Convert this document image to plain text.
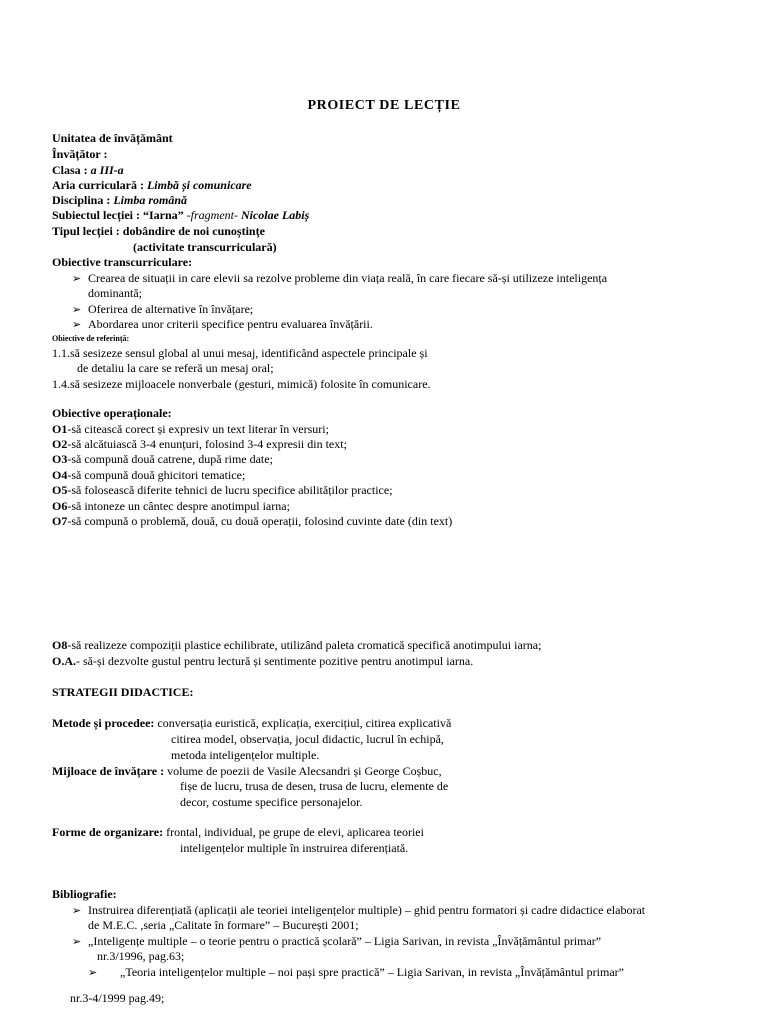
PROIECT DE LECȚIE
Unitatea de învățământ
Învățător :
Clasa : a III-a
Aria curriculară : Limbă și comunicare
Disciplina : Limba română
Subiectul lecției : “Iarna” -fragment- Nicolae Labiș
Tipul lecției : dobândire de noi cunoștințe
(activitate transcurriculară)
Obiective transcurriculare:
➢ Crearea de situații in care elevii sa rezolve probleme din viața reală, în care fiecare să-și utilizeze inteligența
dominantă;
➢ Oferirea de alternative în învățare;
➢ Abordarea unor criterii specifice pentru evaluarea învățării.
Obiective de referință:
1.1.să sesizeze sensul global al unui mesaj, identificând aspectele principale și
de detaliu la care se referă un mesaj oral;
1.4.să sesizeze mijloacele nonverbale (gesturi, mimică) folosite în comunicare.
Obiective operaționale:
O1-să citească corect și expresiv un text literar în versuri;
O2-să alcătuiască 3-4 enunțuri, folosind 3-4 expresii din text;
O3-să compună două catrene, după rime date;
O4-să compună două ghicitori tematice;
O5-să folosească diferite tehnici de lucru specifice abilităților practice;
O6-să intoneze un cântec despre anotimpul iarna;
O7-să compună o problemă, două, cu două operații, folosind cuvinte date (din text)
O8-să realizeze compoziții plastice echilibrate, utilizând paleta cromatică specifică anotimpului iarna;
O.A.- să-și dezvolte gustul pentru lectură și sentimente pozitive pentru anotimpul iarna.
STRATEGII DIDACTICE:
Metode și procedee: conversația euristică, explicația, exercițiul, citirea explicativă
citirea model, observația, jocul didactic, lucrul în echipă,
metoda inteligențelor multiple.
Mijloace de învățare : volume de poezii de Vasile Alecsandri și George Coșbuc,
fișe de lucru, trusa de desen, trusa de lucru, elemente de
decor, costume specifice personajelor.
Forme de organizare: frontal, individual, pe grupe de elevi, aplicarea teoriei
inteligențelor multiple în instruirea diferențiată.
Bibliografie:
➢ Instruirea diferențiată (aplicații ale teoriei inteligențelor multiple) – ghid pentru formatori și cadre didactice elaborat
de M.E.C. ,seria „Calitate în formare” – București 2001;
➢ „Inteligențe multiple – o teorie pentru o practică școlară” – Ligia Sarivan, in revista „Învățământul primar”
nr.3/1996, pag.63;
➢ „Teoria inteligențelor multiple – noi pași spre practică” – Ligia Sarivan, in revista „Învățământul primar”
nr.3-4/1999 pag.49;
